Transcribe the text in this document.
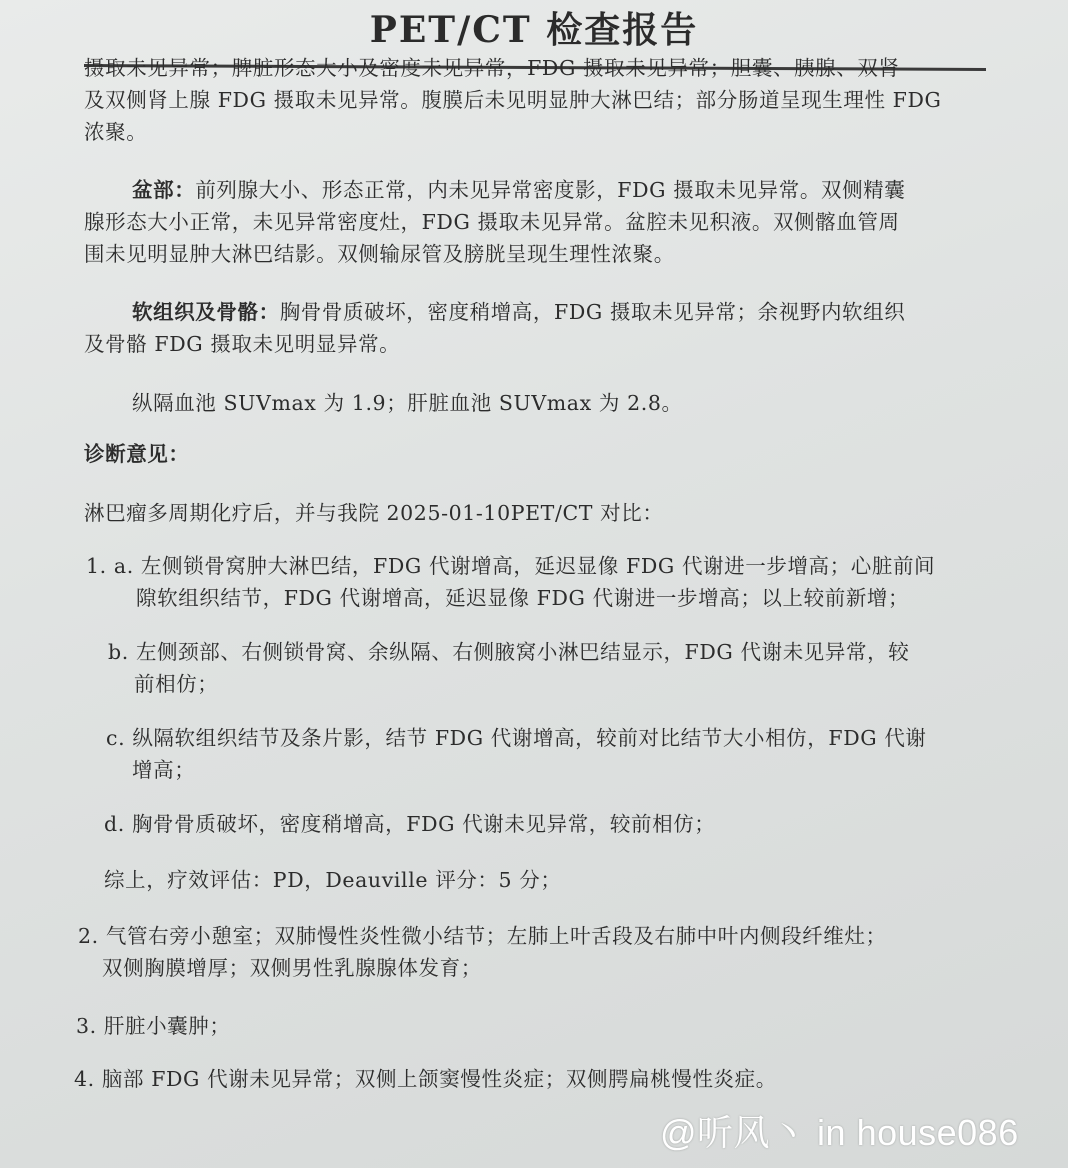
PET/CT 检查报告
摄取未见异常；脾脏形态大小及密度未见异常，FDG 摄取未见异常；胆囊、胰腺、双肾
及双侧肾上腺 FDG 摄取未见异常。腹膜后未见明显肿大淋巴结；部分肠道呈现生理性 FDG
浓聚。
盆部：前列腺大小、形态正常，内未见异常密度影，FDG 摄取未见异常。双侧精囊
腺形态大小正常，未见异常密度灶，FDG 摄取未见异常。盆腔未见积液。双侧髂血管周
围未见明显肿大淋巴结影。双侧输尿管及膀胱呈现生理性浓聚。
软组织及骨骼：胸骨骨质破坏，密度稍增高，FDG 摄取未见异常；余视野内软组织
及骨骼 FDG 摄取未见明显异常。
纵隔血池 SUVmax 为 1.9；肝脏血池 SUVmax 为 2.8。
诊断意见：
淋巴瘤多周期化疗后，并与我院 2025-01-10PET/CT 对比：
1. a. 左侧锁骨窝肿大淋巴结，FDG 代谢增高，延迟显像 FDG 代谢进一步增高；心脏前间
隙软组织结节，FDG 代谢增高，延迟显像 FDG 代谢进一步增高；以上较前新增；
b. 左侧颈部、右侧锁骨窝、余纵隔、右侧腋窝小淋巴结显示，FDG 代谢未见异常，较
前相仿；
c. 纵隔软组织结节及条片影，结节 FDG 代谢增高，较前对比结节大小相仿，FDG 代谢
增高；
d. 胸骨骨质破坏，密度稍增高，FDG 代谢未见异常，较前相仿；
综上，疗效评估：PD，Deauville 评分：5 分；
2. 气管右旁小憩室；双肺慢性炎性微小结节；左肺上叶舌段及右肺中叶内侧段纤维灶；
双侧胸膜增厚；双侧男性乳腺腺体发育；
3. 肝脏小囊肿；
4. 脑部 FDG 代谢未见异常；双侧上颌窦慢性炎症；双侧腭扁桃慢性炎症。
@听风丶 in house086
